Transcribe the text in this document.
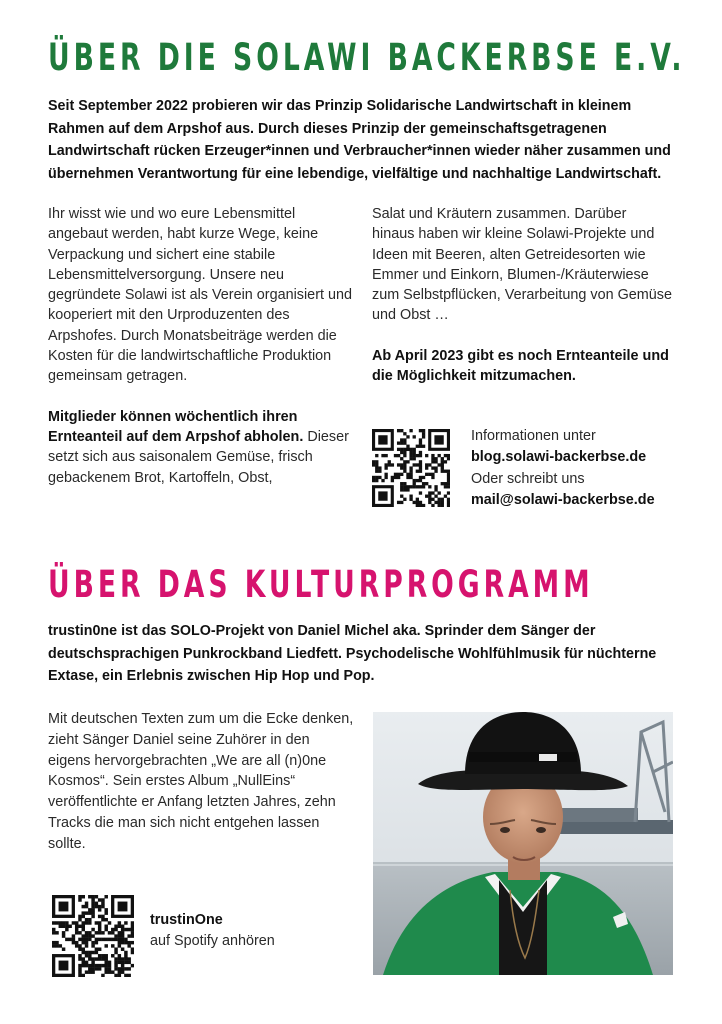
ÜBER DIE SOLAWI BACKERBSE E.V.
Seit September 2022 probieren wir das Prinzip Solidarische Landwirtschaft in kleinem Rahmen auf dem Arpshof aus. Durch dieses Prinzip der gemeinschaftsgetragenen Landwirtschaft rücken Erzeuger*innen und Verbraucher*innen wieder näher zusammen und übernehmen Verantwortung für eine lebendige, vielfältige und nachhaltige Landwirtschaft.

Ihr wisst wie und wo eure Lebensmittel angebaut werden, habt kurze Wege, keine Verpackung und sichert eine stabile Lebensmittelversorgung. Unsere neu gegründete Solawi ist als Verein organisiert und kooperiert mit den Urproduzenten des Arpshofes. Durch Monatsbeiträge werden die Kosten für die landwirtschaftliche Produktion gemeinsam getragen.

Mitglieder können wöchentlich ihren Ernteanteil auf dem Arpshof abholen. Dieser setzt sich aus saisonalem Gemüse, frisch gebackenem Brot, Kartoffeln, Obst,

Salat und Kräutern zusammen. Darüber hinaus haben wir kleine Solawi-Projekte und Ideen mit Beeren, alten Getreidesorten wie Emmer und Einkorn, Blumen-/Kräuterwiese zum Selbstpflücken, Verarbeitung von Gemüse und Obst …

Ab April 2023 gibt es noch Ernteanteile und die Möglichkeit mitzumachen.

Informationen unter
blog.solawi-backerbse.de
Oder schreibt uns
mail@solawi-backerbse.de
ÜBER DAS KULTURPROGRAMM
trustin0ne ist das SOLO-Projekt von Daniel Michel aka. Sprinder dem Sänger der deutschsprachigen Punkrockband Liedfett. Psychodelische Wohlfühlmusik für nüchterne Extase, ein Erlebnis zwischen Hip Hop und Pop.
Mit deutschen Texten zum um die Ecke denken, zieht Sänger Daniel seine Zuhörer in den eigens hervorgebrachten „We are all (n)0ne Kosmos“. Sein erstes Album „NullEins“ veröffentlichte er Anfang letzten Jahres, zehn Tracks die man sich nicht entgehen lassen sollte.
trustinOne
auf Spotify anhören
